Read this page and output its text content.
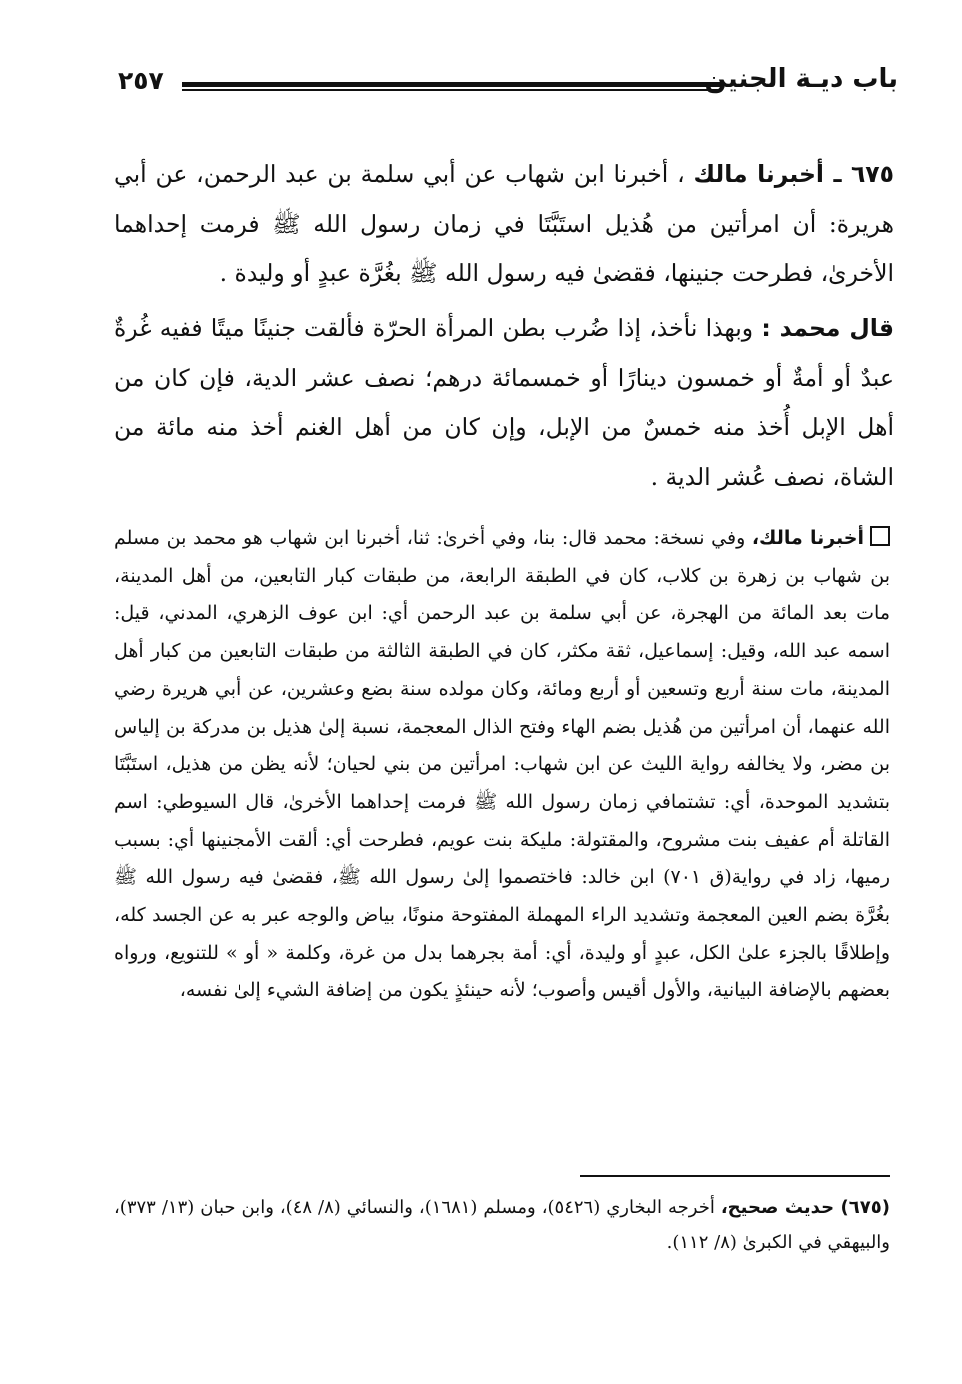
٢٥٧	باب ديـة الجنين
٦٧٥ ـ أخبرنا مالك ، أخبرنا ابن شهاب عن أبي سلمة بن عبد الرحمن، عن أبي هريرة: أن امرأتين من هُذيل استَبَّتَا في زمان رسول الله ﷺ فرمت إحداهما الأخرىٰ، فطرحت جنينها، فقضىٰ فيه رسول الله ﷺ بغُرَّة عبدٍ أو وليدة .
قال محمد : وبهذا نأخذ، إذا ضُرب بطن المرأة الحرّة فألقت جنينًا ميتًا ففيه غُرةٌ عبدٌ أو أمةٌ أو خمسون دينارًا أو خمسمائة درهم؛ نصف عشر الدية، فإن كان من أهل الإبل أُخذ منه خمسٌ من الإبل، وإن كان من أهل الغنم أخذ منه مائة من الشاة، نصف عُشر الدية .
أخبرنا مالك، وفي نسخة: محمد قال: بنا، وفي أخرىٰ: ثنا، أخبرنا ابن شهاب هو محمد بن مسلم بن شهاب بن زهرة بن كلاب، كان في الطبقة الرابعة، من طبقات كبار التابعين، من أهل المدينة، مات بعد المائة من الهجرة، عن أبي سلمة بن عبد الرحمن أي: ابن عوف الزهري، المدني، قيل: اسمه عبد الله، وقيل: إسماعيل، ثقة مكثر، كان في الطبقة الثالثة من طبقات التابعين من كبار أهل المدينة، مات سنة أربع وتسعين أو أربع ومائة، وكان مولده سنة بضع وعشرين، عن أبي هريرة رضي الله عنهما، أن امرأتين من هُذيل بضم الهاء وفتح الذال المعجمة، نسبة إلىٰ هذيل بن مدركة بن إلياس بن مضر، ولا يخالفه رواية الليث عن ابن شهاب: امرأتين من بني لحيان؛ لأنه يظن من هذيل، استَبَّتَا بتشديد الموحدة، أي: تشتمافي زمان رسول الله ﷺ فرمت إحداهما الأخرىٰ، قال السيوطي: اسم القاتلة أم عفيف بنت مشروح، والمقتولة: مليكة بنت عويم، فطرحت أي: ألقت الأمجنينها أي: بسبب رميها، زاد في رواية(ق ٧٠١) ابن خالد: فاختصموا إلىٰ رسول الله ﷺ، فقضىٰ فيه رسول الله ﷺ بغُرَّة بضم العين المعجمة وتشديد الراء المهملة المفتوحة منونًا، بياض والوجه عبر به عن الجسد كله، وإطلاقًا بالجزء علىٰ الكل، عبدٍ أو وليدة، أي: أمة بجرهما بدل من غرة، وكلمة « أو » للتنويع، ورواه بعضهم بالإضافة البيانية، والأول أقيس وأصوب؛ لأنه حينئذٍ يكون من إضافة الشيء إلىٰ نفسه،
(٦٧٥) حديث صحيح، أخرجه البخاري (٥٤٢٦)، ومسلم (١٦٨١)، والنسائي (٨/ ٤٨)، وابن حبان (١٣/ ٣٧٣)، والبيهقي في الكبرىٰ (٨/ ١١٢).
